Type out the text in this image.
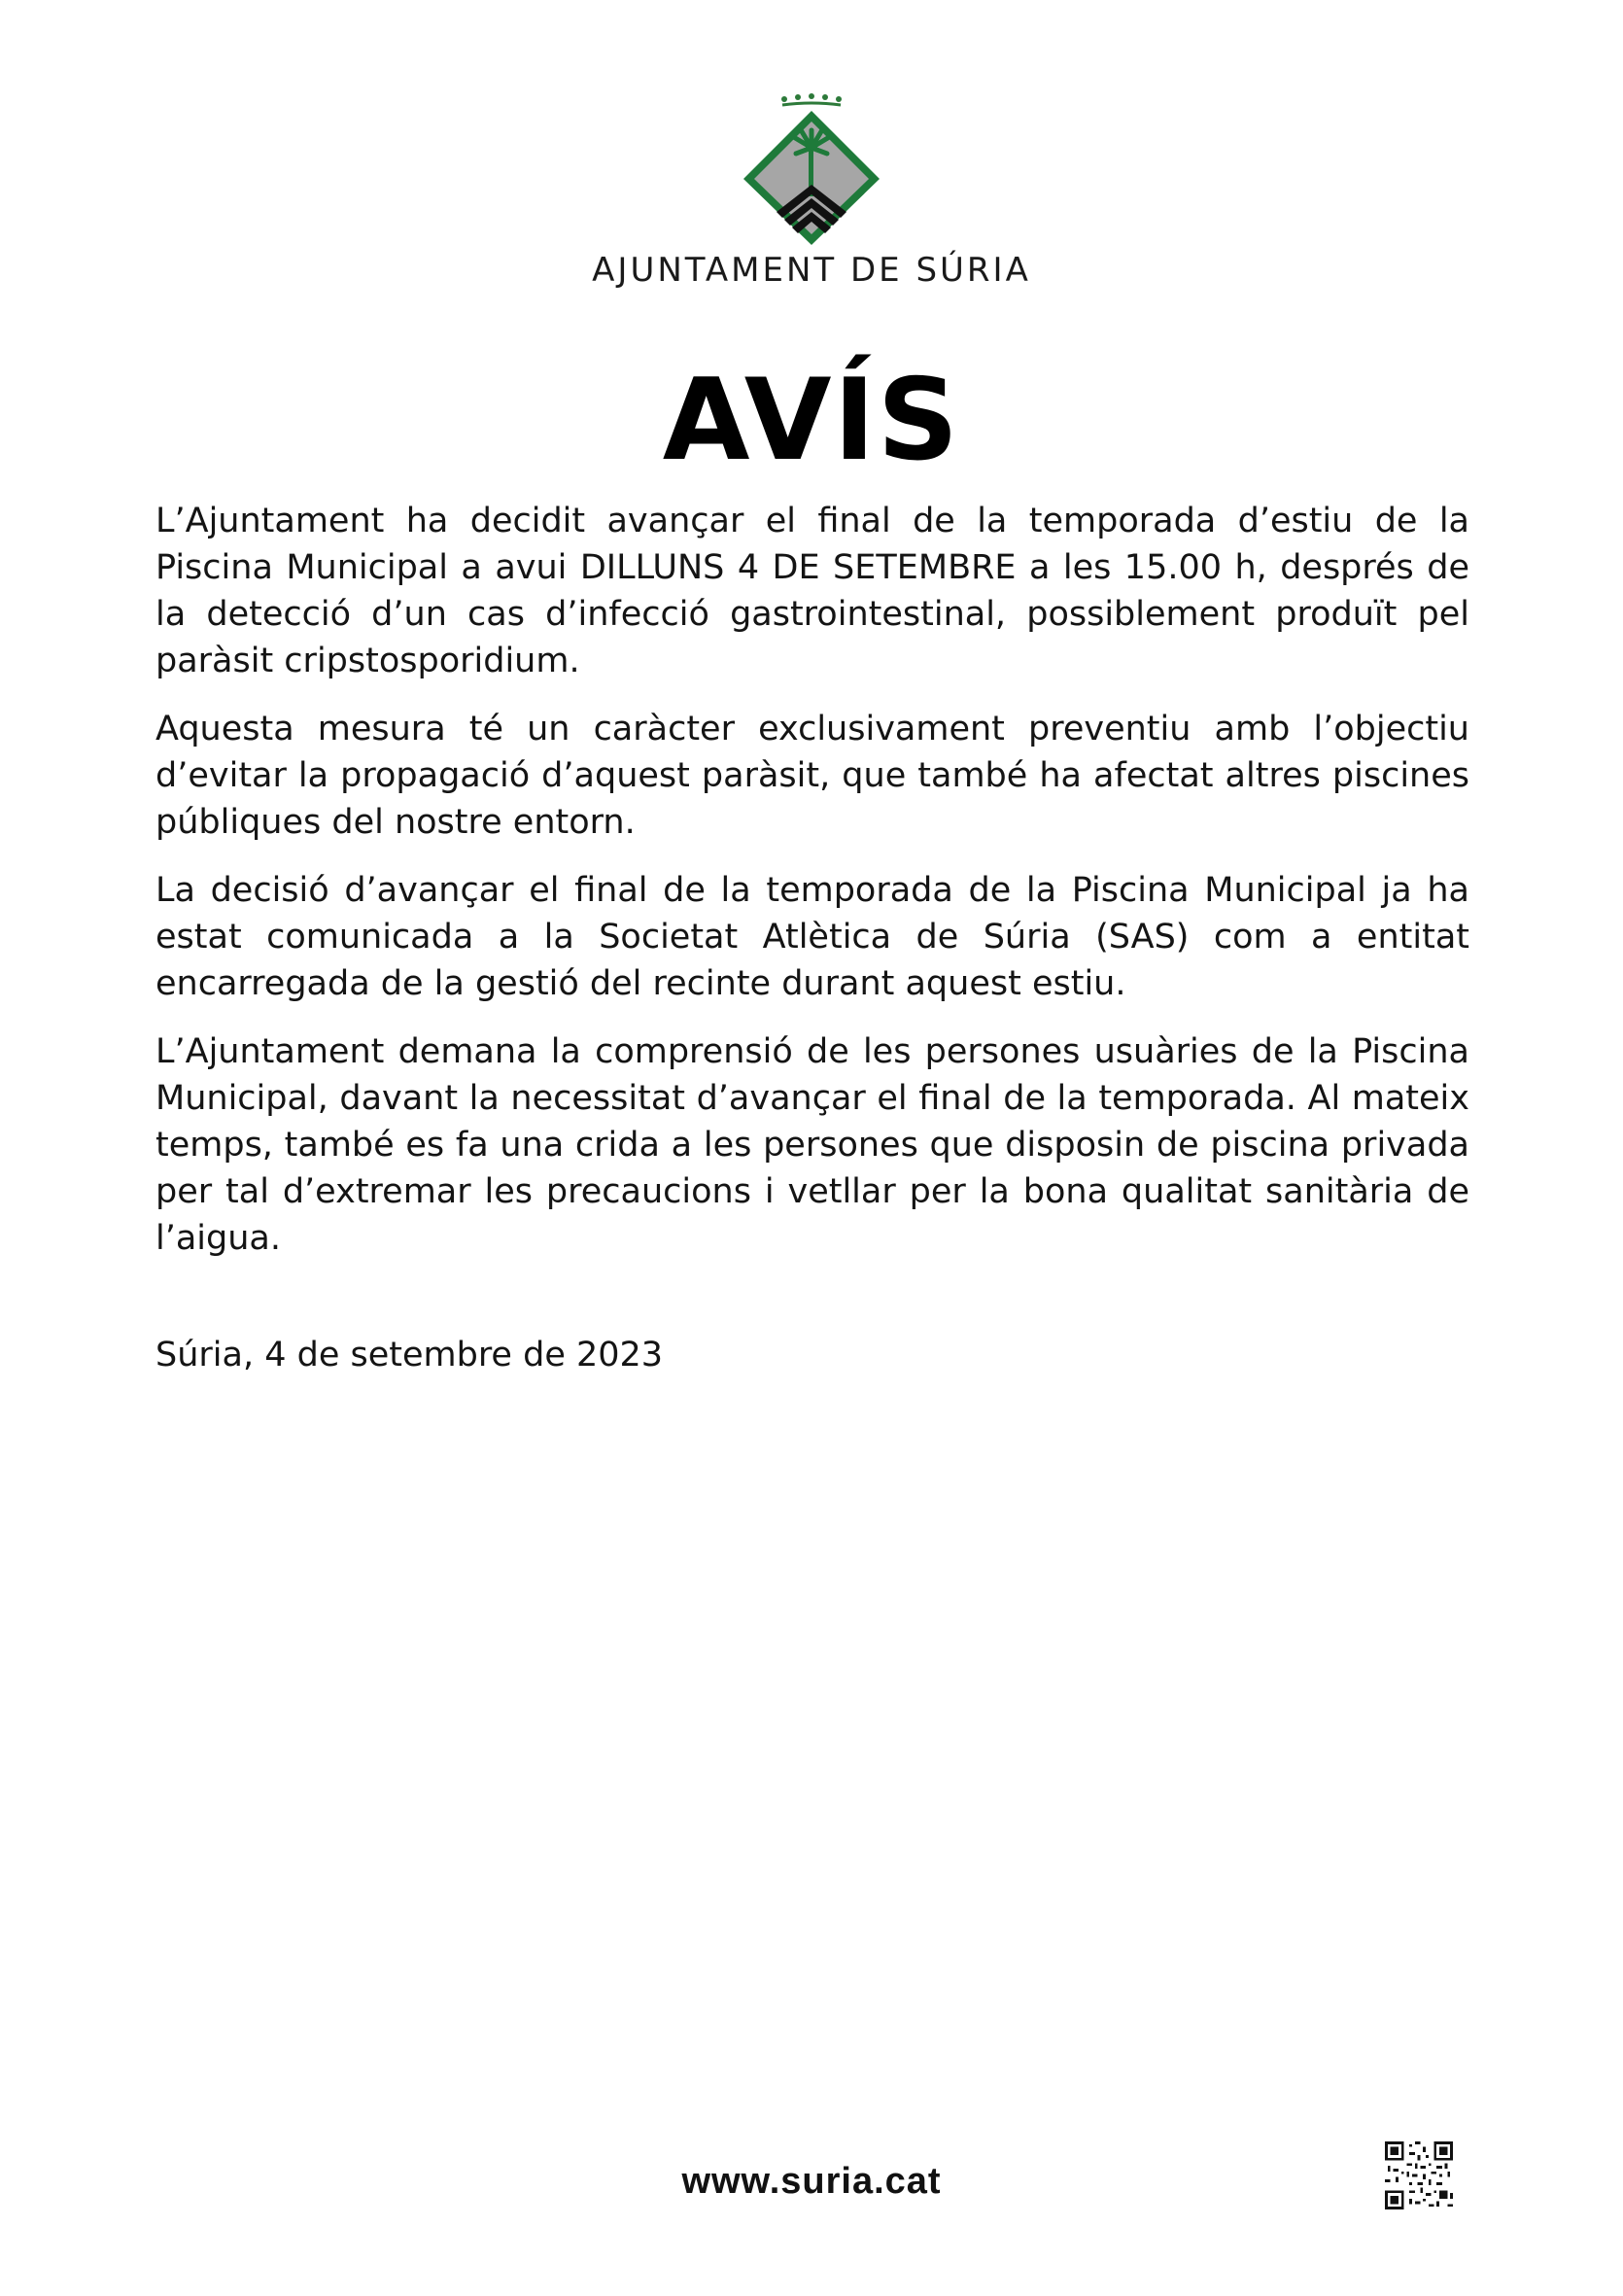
AJUNTAMENT DE SÚRIA
AVÍS

L’Ajuntament ha decidit avançar el final de la temporada d’estiu de la Piscina Municipal a avui DILLUNS 4 DE SETEMBRE a les 15.00 h, després de la detecció d’un cas d’infecció gastrointestinal, possiblement produït pel paràsit cripstosporidium.

Aquesta mesura té un caràcter exclusivament preventiu amb l’objectiu d’evitar la propagació d’aquest paràsit, que també ha afectat altres piscines públiques del nostre entorn.

La decisió d’avançar el final de la temporada de la Piscina Municipal ja ha estat comunicada a la Societat Atlètica de Súria (SAS) com a entitat encarregada de la gestió del recinte durant aquest estiu.

L’Ajuntament demana la comprensió de les persones usuàries de la Piscina Municipal, davant la necessitat d’avançar el final de la temporada. Al mateix temps, també es fa una crida a les persones que disposin de piscina privada per tal d’extremar les precaucions i vetllar per la bona qualitat sanitària de l’aigua.

Súria, 4 de setembre de 2023
www.suria.cat
